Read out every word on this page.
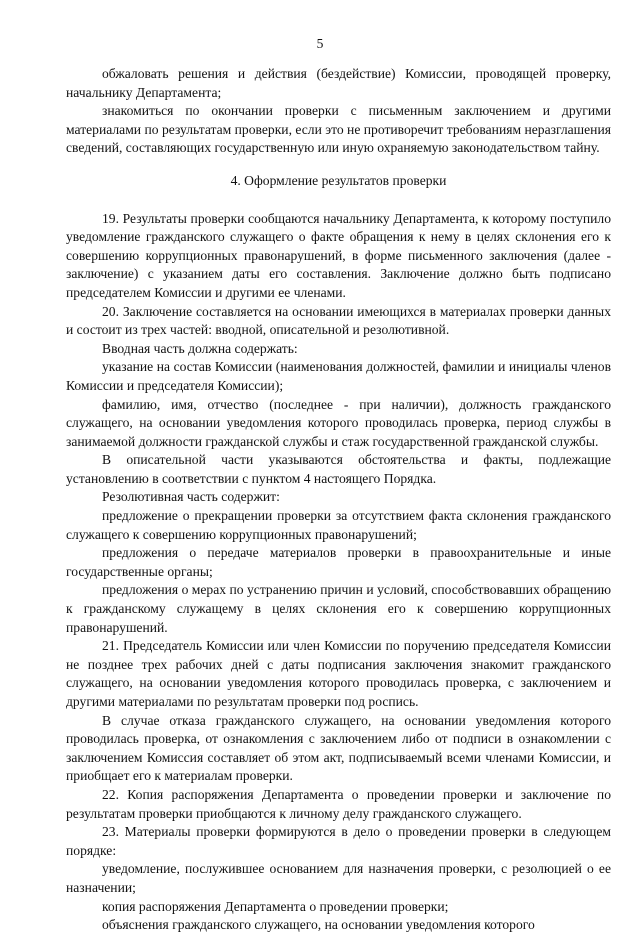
5

обжаловать решения и действия (бездействие) Комиссии, проводящей проверку, начальнику Департамента;

знакомиться по окончании проверки с письменным заключением и другими материалами по результатам проверки, если это не противоречит требованиям неразглашения сведений, составляющих государственную или иную охраняемую законодательством тайну.

4. Оформление результатов проверки

19. Результаты проверки сообщаются начальнику Департамента, к которому поступило уведомление гражданского служащего о факте обращения к нему в целях склонения его к совершению коррупционных правонарушений, в форме письменного заключения (далее - заключение) с указанием даты его составления. Заключение должно быть подписано председателем Комиссии и другими ее членами.

20. Заключение составляется на основании имеющихся в материалах проверки данных и состоит из трех частей: вводной, описательной и резолютивной.

Вводная часть должна содержать:

указание на состав Комиссии (наименования должностей, фамилии и инициалы членов Комиссии и председателя Комиссии);

фамилию, имя, отчество (последнее - при наличии), должность гражданского служащего, на основании уведомления которого проводилась проверка, период службы в занимаемой должности гражданской службы и стаж государственной гражданской службы.

В описательной части указываются обстоятельства и факты, подлежащие установлению в соответствии с пунктом 4 настоящего Порядка.

Резолютивная часть содержит:

предложение о прекращении проверки за отсутствием факта склонения гражданского служащего к совершению коррупционных правонарушений;

предложения о передаче материалов проверки в правоохранительные и иные государственные органы;

предложения о мерах по устранению причин и условий, способствовавших обращению к гражданскому служащему в целях склонения его к совершению коррупционных правонарушений.

21. Председатель Комиссии или член Комиссии по поручению председателя Комиссии не позднее трех рабочих дней с даты подписания заключения знакомит гражданского служащего, на основании уведомления которого проводилась проверка, с заключением и другими материалами по результатам проверки под роспись.

В случае отказа гражданского служащего, на основании уведомления которого проводилась проверка, от ознакомления с заключением либо от подписи в ознакомлении с заключением Комиссия составляет об этом акт, подписываемый всеми членами Комиссии, и приобщает его к материалам проверки.

22. Копия распоряжения Департамента о проведении проверки и заключение по результатам проверки приобщаются к личному делу гражданского служащего.

23. Материалы проверки формируются в дело о проведении проверки в следующем порядке:

уведомление, послужившее основанием для назначения проверки, с резолюцией о ее назначении;

копия распоряжения Департамента о проведении проверки;

объяснения гражданского служащего, на основании уведомления которого
